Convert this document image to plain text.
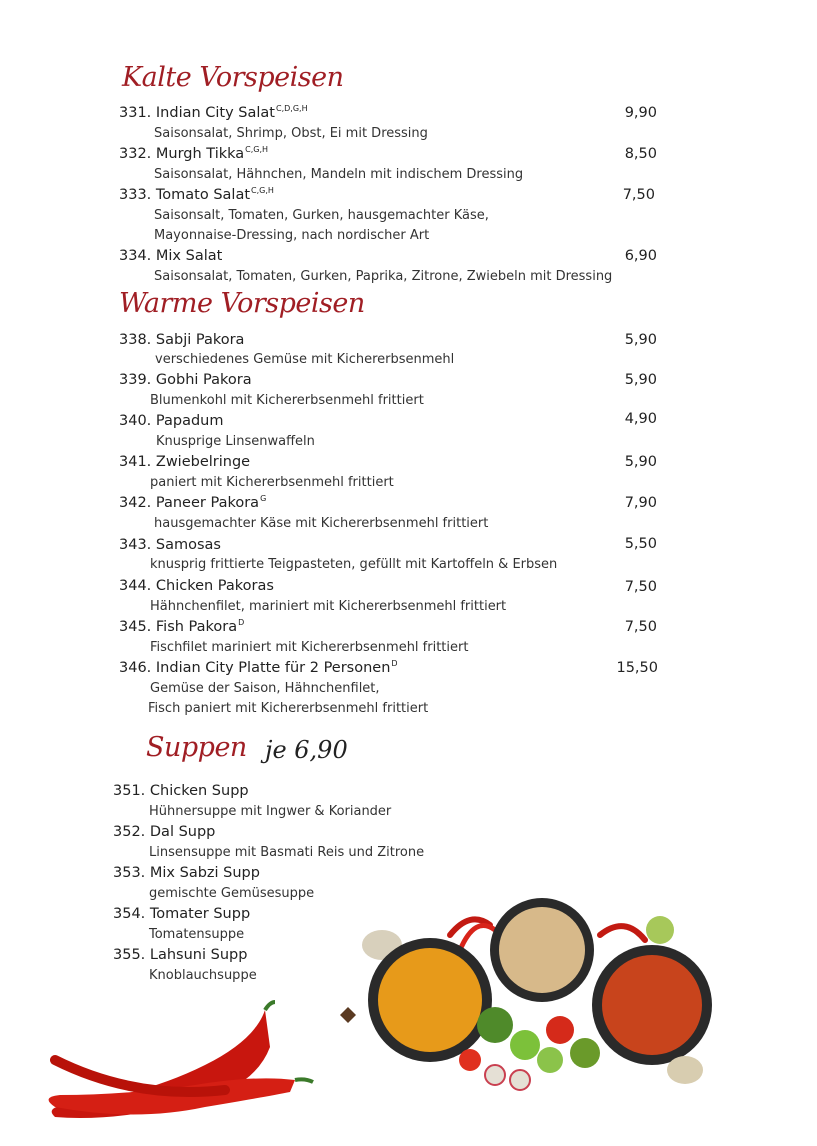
Kalte Vorspeisen
331. Indian City Salat$^{C,D,G,H}$	9,90
Saisonsalat, Shrimp, Obst, Ei mit Dressing
332. Murgh Tikka$^{C,G,H}$	8,50
Saisonsalat, Hähnchen, Mandeln mit indischem Dressing
333. Tomato Salat$^{C,G,H}$	7,50
Saisonsalt, Tomaten, Gurken, hausgemachter Käse,
Mayonnaise-Dressing, nach nordischer Art
334. Mix Salat	6,90
Saisonsalat, Tomaten, Gurken, Paprika, Zitrone, Zwiebeln mit Dressing
Warme Vorspeisen
338. Sabji Pakora	5,90
verschiedenes Gemüse mit Kichererbsenmehl
339. Gobhi Pakora	5,90
Blumenkohl mit Kichererbsenmehl frittiert
340. Papadum	4,90
Knusprige Linsenwaffeln
341. Zwiebelringe	5,90
paniert mit Kichererbsenmehl frittiert
342. Paneer Pakora$^G$	7,90
hausgemachter Käse mit Kichererbsenmehl frittiert
343. Samosas	5,50
knusprig frittierte Teigpasteten, gefüllt mit Kartoffeln & Erbsen
344. Chicken Pakoras	7,50
Hähnchenfilet, mariniert mit Kichererbsenmehl frittiert
345. Fish Pakora$^D$	7,50
Fischfilet mariniert mit Kichererbsenmehl frittiert
346. Indian City Platte für 2 Personen$^D$	15,50
Gemüse der Saison, Hähnchenfilet,
Fisch paniert mit Kichererbsenmehl frittiert
Suppen je 6,90
351. Chicken Supp
Hühnersuppe mit Ingwer & Koriander
352. Dal Supp
Linsensuppe mit Basmati Reis und Zitrone
353. Mix Sabzi Supp
gemischte Gemüsesuppe
354. Tomater Supp
Tomatensuppe
355. Lahsuni Supp
Knoblauchsuppe
